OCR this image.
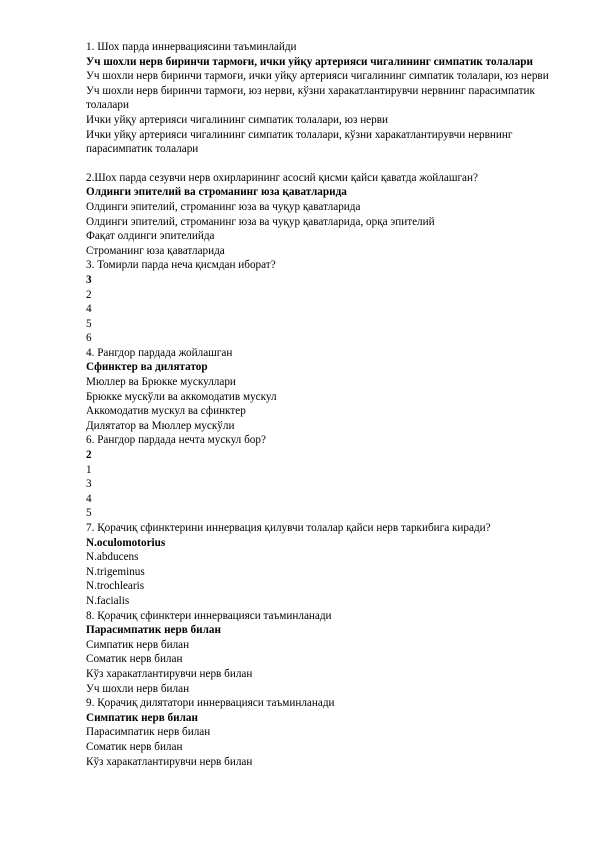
1. Шох парда иннервациясини таъминлайди
Уч шохли нерв биринчи тармоғи, ички уйқу артерияси чигалининг симпатик толалари
Уч шохли нерв биринчи тармоғи, ички уйқу артерияси чигалининг симпатик толалари, юз нерви
Уч шохли нерв биринчи тармоғи, юз нерви, кўзни харакатлантирувчи нервнинг парасимпатик толалари
Ички уйқу артерияси чигалининг симпатик толалари, юз нерви
Ички уйқу артерияси чигалининг симпатик толалари, кўзни харакатлантирувчи нервнинг парасимпатик толалари
2.Шох парда сезувчи нерв охирларининг асосий қисми қайси қаватда жойлашган?
Олдинги эпителий ва строманинг юза қаватларида
Олдинги эпителий, строманинг юза ва чуқур қаватларида
Олдинги эпителий, строманинг юза ва чуқур қаватларида, орқа эпителий
Фақат олдинги эпителийда
Строманинг юза қаватларида
3. Томирли парда неча қисмдан иборат?
3
2
4
5
6
4. Рангдор пардада жойлашган
Сфинктер ва дилятатор
Мюллер ва Брюкке мускуллари
Брюкке мускўли ва аккомодатив мускул
Аккомодатив мускул ва сфинктер
Дилятатор ва Мюллер мускўли
6. Рангдор пардада нечта мускул бор?
2
1
3
4
5
7. Қорачиқ сфинктерини иннервация қилувчи толалар қайси нерв таркибига киради?
N.oculomotorius
N.abducens
N.trigeminus
N.trochlearis
N.facialis
8. Қорачиқ сфинктери иннервацияси таъминланади
Парасимпатик нерв билан
Симпатик нерв билан
Соматик нерв билан
Кўз харакатлантирувчи нерв билан
Уч шохли нерв билан
9. Қорачиқ дилятатори иннервацияси таъминланади
Симпатик нерв билан
Парасимпатик нерв билан
Соматик нерв билан
Кўз харакатлантирувчи нерв билан
